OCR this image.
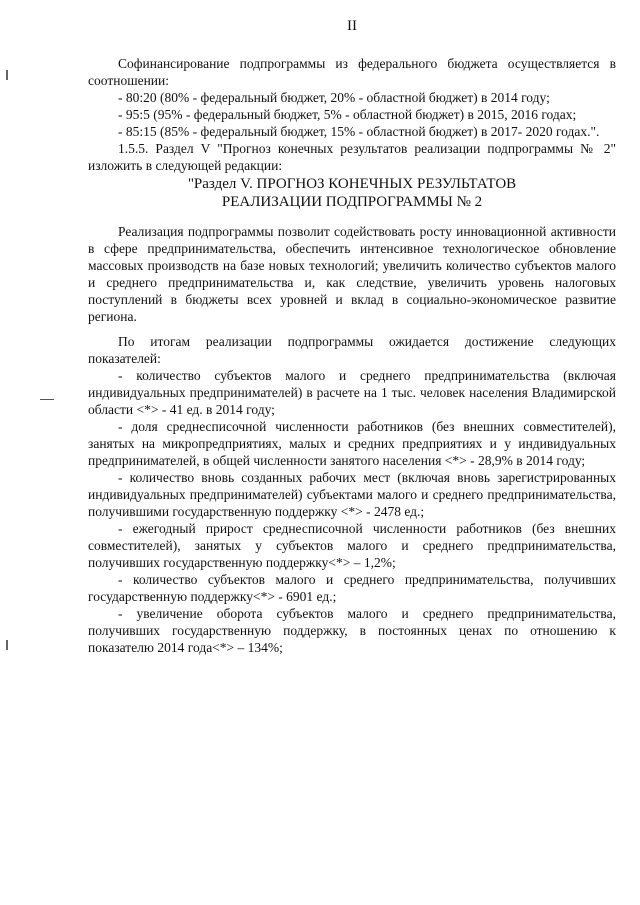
II

Софинансирование подпрограммы из федерального бюджета осуществляется в соотношении:

- 80:20 (80% - федеральный бюджет, 20% - областной бюджет) в 2014 году;

- 95:5 (95% - федеральный бюджет, 5% - областной бюджет) в 2015, 2016 годах;

- 85:15 (85% - федеральный бюджет, 15% - областной бюджет) в 2017- 2020 годах.".

1.5.5. Раздел V "Прогноз конечных результатов реализации подпрограммы № 2" изложить в следующей редакции:

"Раздел V. ПРОГНОЗ КОНЕЧНЫХ РЕЗУЛЬТАТОВ
РЕАЛИЗАЦИИ ПОДПРОГРАММЫ № 2

Реализация подпрограммы позволит содействовать росту инновационной активности в сфере предпринимательства, обеспечить интенсивное технологическое обновление массовых производств на базе новых технологий; увеличить количество субъектов малого и среднего предпринимательства и, как следствие, увеличить уровень налоговых поступлений в бюджеты всех уровней и вклад в социально-экономическое развитие региона.

По итогам реализации подпрограммы ожидается достижение следующих показателей:

- количество субъектов малого и среднего предпринимательства (включая индивидуальных предпринимателей) в расчете на 1 тыс. человек населения Владимирской области <*> - 41 ед. в 2014 году;

- доля среднесписочной численности работников (без внешних совместителей), занятых на микропредприятиях, малых и средних предприятиях и у индивидуальных предпринимателей, в общей численности занятого населения <*> - 28,9% в 2014 году;

- количество вновь созданных рабочих мест (включая вновь зарегистрированных индивидуальных предпринимателей) субъектами малого и среднего предпринимательства, получившими государственную поддержку <*> - 2478 ед.;

- ежегодный прирост среднесписочной численности работников (без внешних совместителей), занятых у субъектов малого и среднего предпринимательства, получивших государственную поддержку<*> – 1,2%;

- количество субъектов малого и среднего предпринимательства, получивших государственную поддержку<*> - 6901 ед.;

- увеличение оборота субъектов малого и среднего предпринимательства, получивших государственную поддержку, в постоянных ценах по отношению к показателю 2014 года<*> – 134%;
